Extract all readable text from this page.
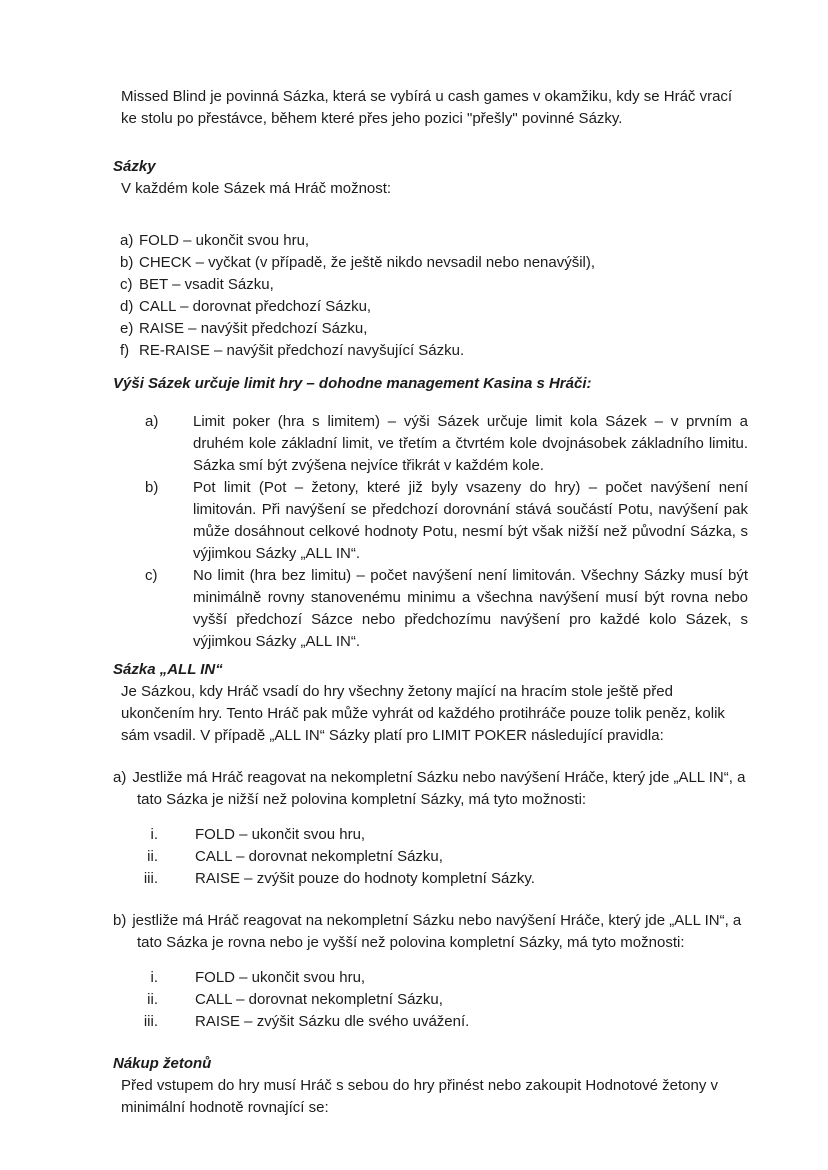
Missed Blind je povinná Sázka, která se vybírá u cash games v okamžiku, kdy se Hráč vrací ke stolu po přestávce, během které přes jeho pozici "přešly" povinné Sázky.

Sázky
V každém kole Sázek má Hráč možnost:
a) FOLD – ukončit svou hru,
b) CHECK – vyčkat (v případě, že ještě nikdo nevsadil nebo nenavýšil),
c) BET – vsadit Sázku,
d) CALL – dorovnat předchozí Sázku,
e) RAISE – navýšit předchozí Sázku,
f) RE-RAISE – navýšit předchozí navyšující Sázku.
Výši Sázek určuje limit hry – dohodne management Kasina s Hráči:
a)	Limit poker (hra s limitem) – výši Sázek určuje limit kola Sázek – v prvním a druhém kole základní limit, ve třetím a čtvrtém kole dvojnásobek základního limitu. Sázka smí být zvýšena nejvíce třikrát v každém kole.
b)	Pot limit (Pot – žetony, které již byly vsazeny do hry) – počet navýšení není limitován. Při navýšení se předchozí dorovnání stává součástí Potu, navýšení pak může dosáhnout celkové hodnoty Potu, nesmí být však nižší než původní Sázka, s výjimkou Sázky „ALL IN“.
c)	No limit (hra bez limitu) – počet navýšení není limitován. Všechny Sázky musí být minimálně rovny stanovenému minimu a všechna navýšení musí být rovna nebo vyšší předchozí Sázce nebo předchozímu navýšení pro každé kolo Sázek, s výjimkou Sázky „ALL IN“.
Sázka „ALL IN“

Je Sázkou, kdy Hráč vsadí do hry všechny žetony mající na hracím stole ještě před ukončením hry. Tento Hráč pak může vyhrát od každého protihráče pouze tolik peněz, kolik sám vsadil. V případě „ALL IN“ Sázky platí pro LIMIT POKER následující pravidla:

a) Jestliže má Hráč reagovat na nekompletní Sázku nebo navýšení Hráče, který jde „ALL IN“, a tato Sázka je nižší než polovina kompletní Sázky, má tyto možnosti:
i. FOLD – ukončit svou hru,
ii. CALL – dorovnat nekompletní Sázku,
iii. RAISE – zvýšit pouze do hodnoty kompletní Sázky.
b) jestliže má Hráč reagovat na nekompletní Sázku nebo navýšení Hráče, který jde „ALL IN“, a tato Sázka je rovna nebo je vyšší než polovina kompletní Sázky, má tyto možnosti:
i. FOLD – ukončit svou hru,
ii. CALL – dorovnat nekompletní Sázku,
iii. RAISE – zvýšit Sázku dle svého uvážení.
Nákup žetonů

Před vstupem do hry musí Hráč s sebou do hry přinést nebo zakoupit Hodnotové žetony v minimální hodnotě rovnající se:
